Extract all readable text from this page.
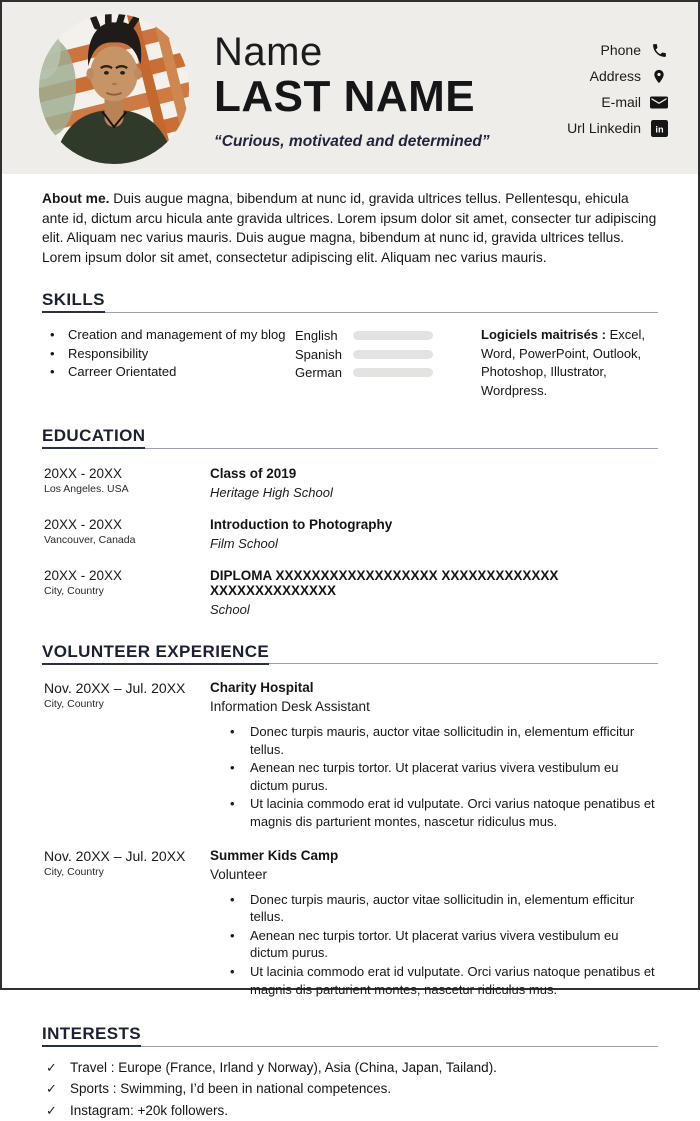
Name
LAST NAME
“Curious, motivated and determined”
Phone
Address
E-mail
Url Linkedin in

About me. Duis augue magna, bibendum at nunc id, gravida ultrices tellus. Pellentesqu, ehicula ante id, dictum arcu hicula ante gravida ultrices. Lorem ipsum dolor sit amet, consecter tur adipiscing elit. Aliquam nec varius mauris. Duis augue magna, bibendum at nunc id, gravida ultrices tellus. Lorem ipsum dolor sit amet, consectetur adipiscing elit. Aliquam nec varius mauris.

SKILLS
• Creation and management of my blog
• Responsibility
• Carreer Orientated
English
Spanish
German

Logiciels maitrisés : Excel, Word, PowerPoint, Outlook, Photoshop, Illustrator, Wordpress.

EDUCATION
20XX - 20XX
Los Angeles. USA
Class of 2019
Heritage High School
20XX - 20XX
Vancouver, Canada
Introduction to Photography
Film School
20XX - 20XX
City, Country
DIPLOMA XXXXXXXXXXXXXXXXXX XXXXXXXXXXXXX XXXXXXXXXXXXXX
School
VOLUNTEER EXPERIENCE
Nov. 20XX – Jul. 20XX
City, Country
Charity Hospital
Information Desk Assistant
• Donec turpis mauris, auctor vitae sollicitudin in, elementum efficitur tellus.
• Aenean nec turpis tortor. Ut placerat varius vivera vestibulum eu dictum purus.
• Ut lacinia commodo erat id vulputate. Orci varius natoque penatibus et magnis dis parturient montes, nascetur ridiculus mus.
Nov. 20XX – Jul. 20XX
City, Country
Summer Kids Camp
Volunteer
• Donec turpis mauris, auctor vitae sollicitudin in, elementum efficitur tellus.
• Aenean nec turpis tortor. Ut placerat varius vivera vestibulum eu dictum purus.
• Ut lacinia commodo erat id vulputate. Orci varius natoque penatibus et magnis dis parturient montes, nascetur ridiculus mus.
INTERESTS
✓ Travel : Europe (France, Irland y Norway), Asia (China, Japan, Tailand).
✓ Sports : Swimming, I’d been in national competences.
✓ Instagram: +20k followers.
